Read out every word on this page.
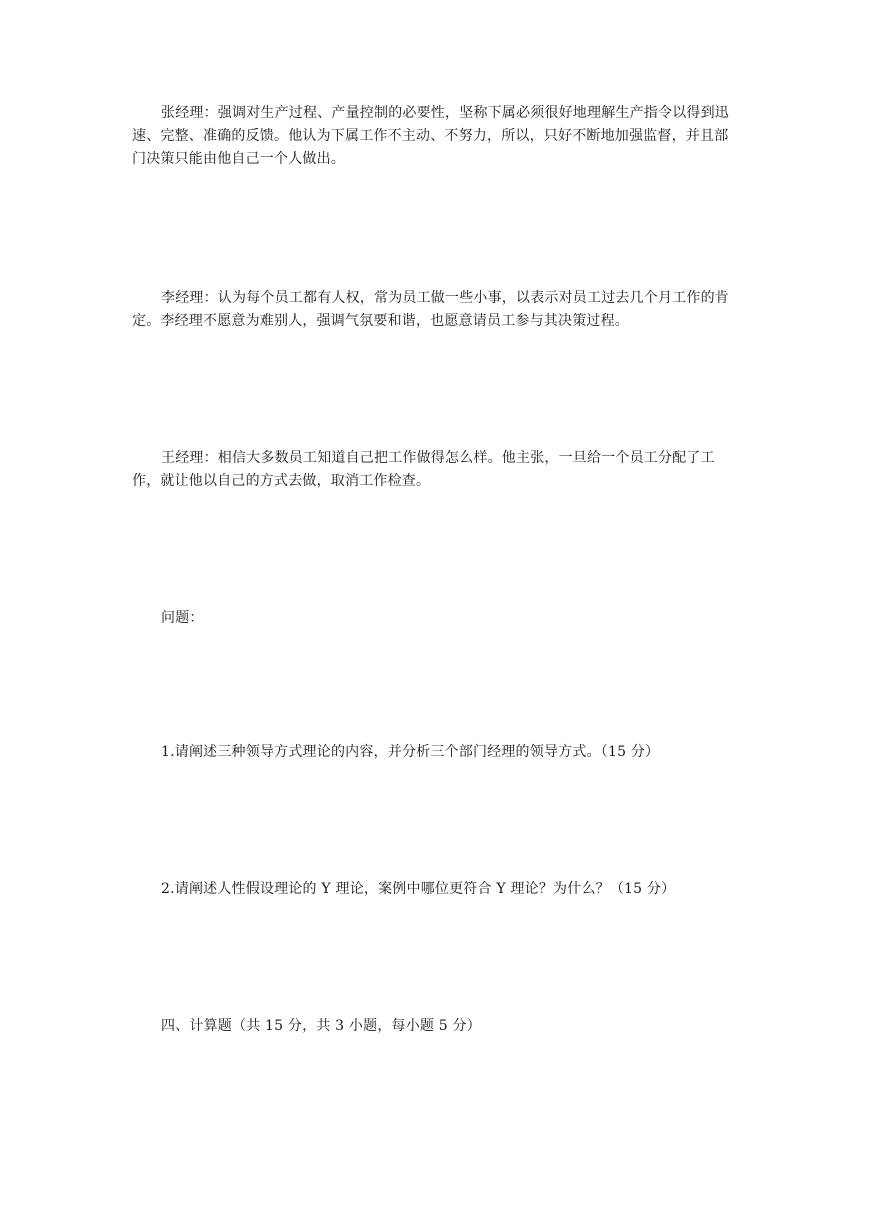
张经理：强调对生产过程、产量控制的必要性，坚称下属必须很好地理解生产指令以得到迅速、完整、准确的反馈。他认为下属工作不主动、不努力，所以，只好不断地加强监督，并且部门决策只能由他自己一个人做出。

李经理：认为每个员工都有人权，常为员工做一些小事，以表示对员工过去几个月工作的肯定。李经理不愿意为难别人，强调气氛要和谐，也愿意请员工参与其决策过程。

王经理：相信大多数员工知道自己把工作做得怎么样。他主张，一旦给一个员工分配了工作，就让他以自己的方式去做，取消工作检查。

问题：

1.请阐述三种领导方式理论的内容，并分析三个部门经理的领导方式。（15 分）

2.请阐述人性假设理论的 Y 理论，案例中哪位更符合 Y 理论？为什么？（15 分）

四、计算题（共 15 分，共 3 小题，每小题 5 分）
